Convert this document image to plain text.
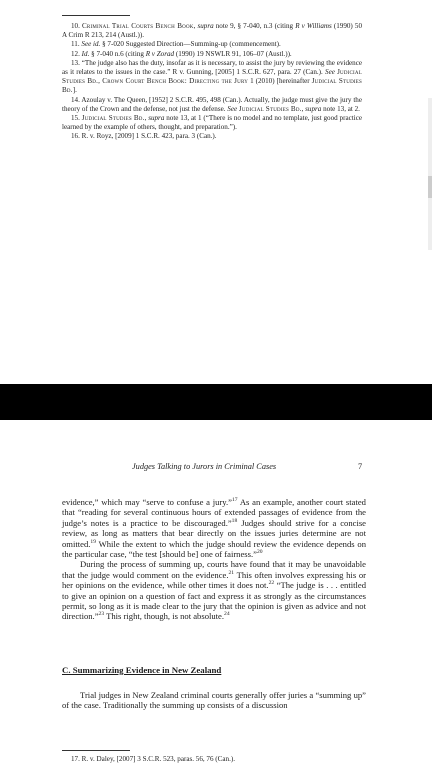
10. Criminal Trial Courts Bench Book, supra note 9, § 7-040, n.3 (citing R v Williams (1990) 50 A Crim R 213, 214 (Austl.)).

11. See id. § 7-020 Suggested Direction—Summing-up (commencement).

12. Id. § 7-040 n.6 (citing R v Zorad (1990) 19 NSWLR 91, 106–07 (Austl.)).

13. “The judge also has the duty, insofar as it is necessary, to assist the jury by reviewing the evidence as it relates to the issues in the case.” R v. Gunning, [2005] 1 S.C.R. 627, para. 27 (Can.). See Judicial Studies Bd., Crown Court Bench Book: Directing the Jury 1 (2010) [hereinafter Judicial Studies Bd.].

14. Azoulay v. The Queen, [1952] 2 S.C.R. 495, 498 (Can.). Actually, the judge must give the jury the theory of the Crown and the defense, not just the defense. See Judicial Studies Bd., supra note 13, at 2.

15. Judicial Studies Bd., supra note 13, at 1 (“There is no model and no template, just good practice learned by the example of others, thought, and preparation.”).

16. R. v. Royz, [2009] 1 S.C.R. 423, para. 3 (Can.).

Judges Talking to Jurors in Criminal Cases	7

evidence,” which may “serve to confuse a jury.”$^{17}$ As an example, another court stated that “reading for several continuous hours of extended passages of evidence from the judge’s notes is a practice to be discouraged.”$^{18}$ Judges should strive for a concise review, as long as matters that bear directly on the issues juries determine are not omitted.$^{19}$ While the extent to which the judge should review the evidence depends on the particular case, “the test [should be] one of fairness.”$^{20}$

During the process of summing up, courts have found that it may be unavoidable that the judge would comment on the evidence.$^{21}$ This often involves expressing his or her opinions on the evidence, while other times it does not.$^{22}$ “The judge is . . . entitled to give an opinion on a question of fact and express it as strongly as the circumstances permit, so long as it is made clear to the jury that the opinion is given as advice and not direction.”$^{23}$ This right, though, is not absolute.$^{24}$

C. Summarizing Evidence in New Zealand

Trial judges in New Zealand criminal courts generally offer juries a “summing up” of the case. Traditionally the summing up consists of a discussion

17. R. v. Daley, [2007] 3 S.C.R. 523, paras. 56, 76 (Can.).
